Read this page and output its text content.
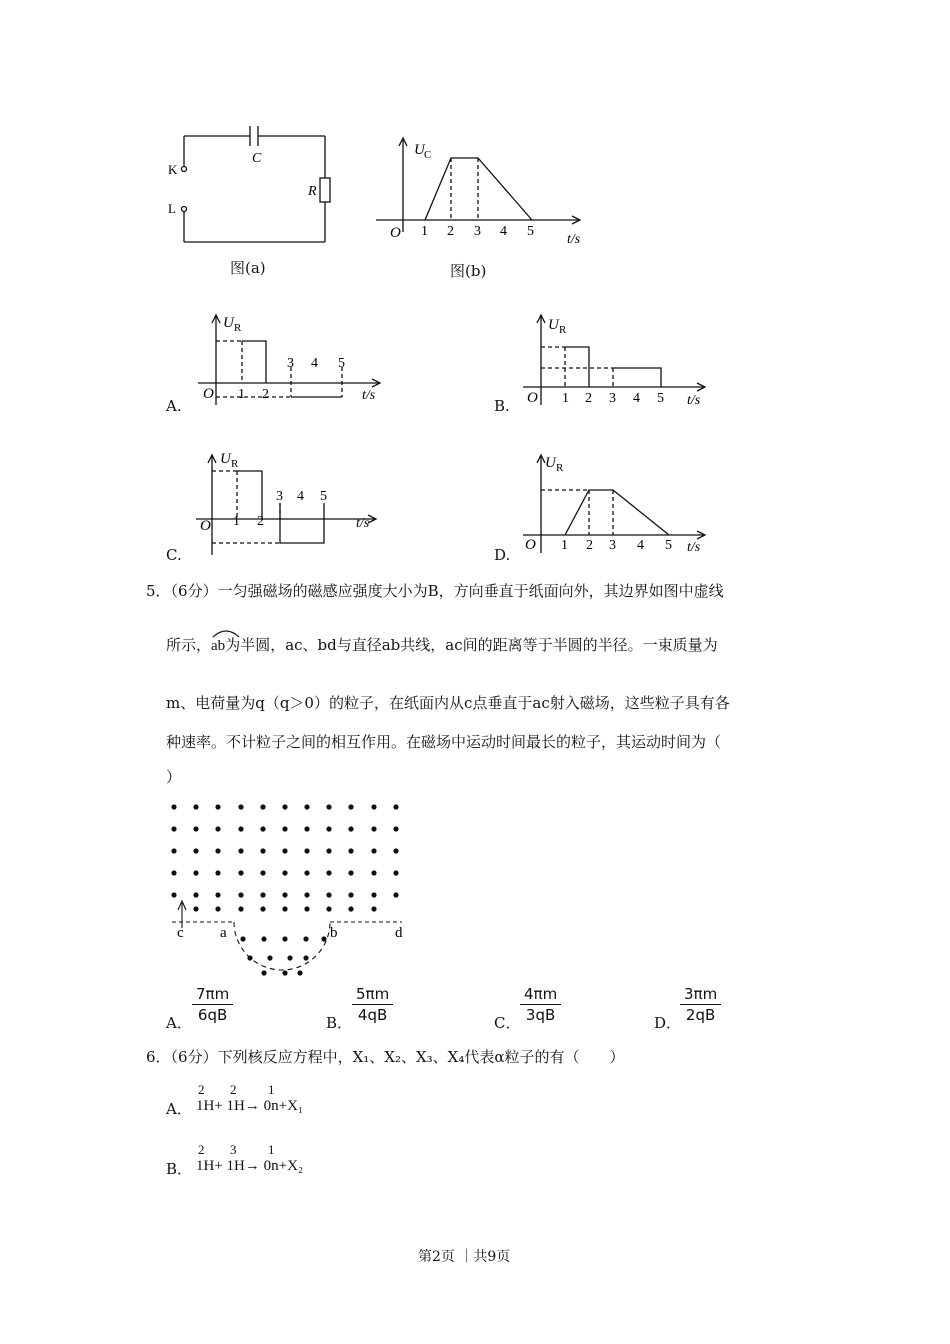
C
K
L
R
图(a)
U C
O 1 2 3 4 5
t/s
图(b)
U R
O 1 2
3 4 5
t/s
A.
U R
O 1 2 3 4 5 t/s
B.
U R
O 1 2
3 4 5
t/s
C.
U R
O 1 2 3 4 5 t/s
D.
5．（6分）一匀强磁场的磁感应强度大小为B，方向垂直于纸面向外，其边界如图中虚线
所示，
ab为半圆，ac、bd与直径ab共线，ac间的距离等于半圆的半径。一束质量为
m、电荷量为q（q＞0）的粒子，在纸面内从c点垂直于ac射入磁场，这些粒子具有各
种速率。不计粒子之间的相互作用。在磁场中运动时间最长的粒子，其运动时间为（
）
c a	b	d
A．
7πm
6qB	B．
5πm
4qB	C．
4πm
3qB	D．
3πm
2qB
6．（6分）下列核反应方程中，X₁、X₂、X₃、X₄代表α粒子的有（　　）
A．
2 2 1
1H+ 1H→ 0n+X₁
B．
2 3 1
1H+ 1H→ 0n+X₂
第2页 ｜共9页
